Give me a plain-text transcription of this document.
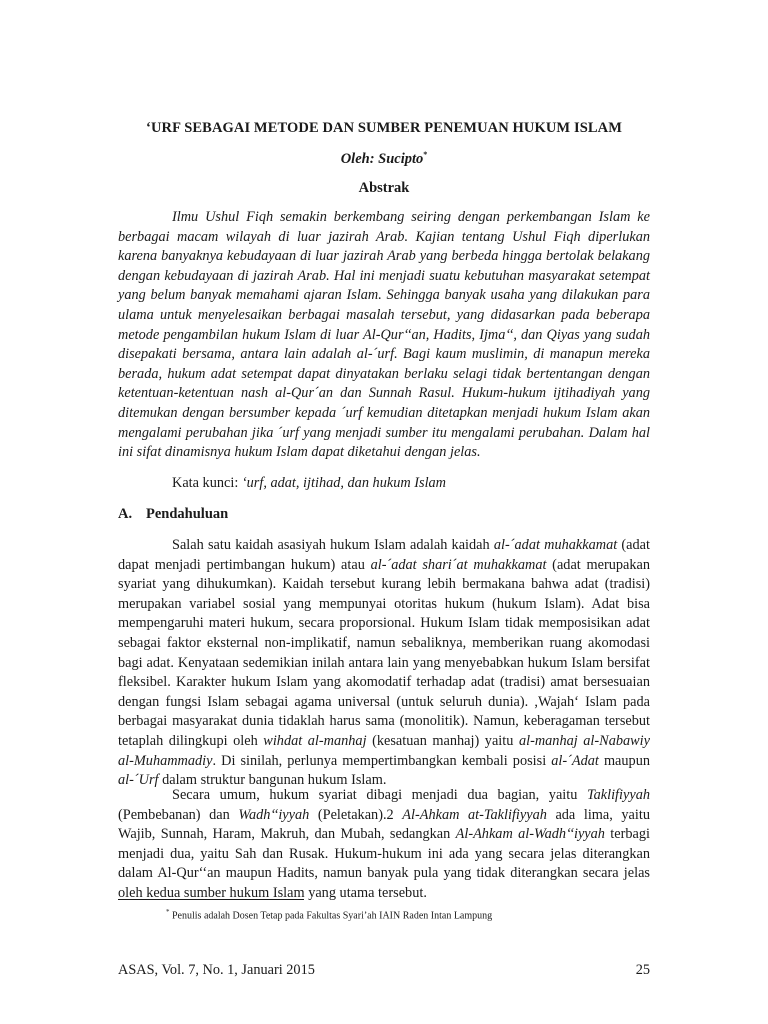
‘URF SEBAGAI METODE DAN SUMBER PENEMUAN HUKUM ISLAM
Oleh: Sucipto*
Abstrak

Ilmu Ushul Fiqh semakin berkembang seiring dengan perkembangan Islam ke berbagai macam wilayah di luar jazirah Arab. Kajian tentang Ushul Fiqh diperlukan karena banyaknya kebudayaan di luar jazirah Arab yang berbeda hingga bertolak belakang dengan kebudayaan di jazirah Arab. Hal ini menjadi suatu kebutuhan masyarakat setempat yang belum banyak memahami ajaran Islam. Sehingga banyak usaha yang dilakukan para ulama untuk menyelesaikan berbagai masalah tersebut, yang didasarkan pada beberapa metode pengambilan hukum Islam di luar Al-Qur‘‘an, Hadits, Ijma‘‘, dan Qiyas yang sudah disepakati bersama, antara lain adalah al-´urf. Bagi kaum muslimin, di manapun mereka berada, hukum adat setempat dapat dinyatakan berlaku selagi tidak bertentangan dengan ketentuan-ketentuan nash al-Qur´an dan Sunnah Rasul. Hukum-hukum ijtihadiyah yang ditemukan dengan bersumber kepada ´urf kemudian ditetapkan menjadi hukum Islam akan mengalami perubahan jika ´urf yang menjadi sumber itu mengalami perubahan. Dalam hal ini sifat dinamisnya hukum Islam dapat diketahui dengan jelas.

Kata kunci: ‘urf, adat, ijtihad, dan hukum Islam
A. Pendahuluan

Salah satu kaidah asasiyah hukum Islam adalah kaidah al-´adat muhakkamat (adat dapat menjadi pertimbangan hukum) atau al-´adat shari´at muhakkamat (adat merupakan syariat yang dihukumkan). Kaidah tersebut kurang lebih bermakana bahwa adat (tradisi) merupakan variabel sosial yang mempunyai otoritas hukum (hukum Islam). Adat bisa mempengaruhi materi hukum, secara proporsional. Hukum Islam tidak memposisikan adat sebagai faktor eksternal non-implikatif, namun sebaliknya, memberikan ruang akomodasi bagi adat. Kenyataan sedemikian inilah antara lain yang menyebabkan hukum Islam bersifat fleksibel. Karakter hukum Islam yang akomodatif terhadap adat (tradisi) amat bersesuaian dengan fungsi Islam sebagai agama universal (untuk seluruh dunia). ,Wajah‘ Islam pada berbagai masyarakat dunia tidaklah harus sama (monolitik). Namun, keberagaman tersebut tetaplah dilingkupi oleh wihdat al-manhaj (kesatuan manhaj) yaitu al-manhaj al-Nabawiy al-Muhammadiy. Di sinilah, perlunya mempertimbangkan kembali posisi al-´Adat maupun al-´Urf dalam struktur bangunan hukum Islam.

Secara umum, hukum syariat dibagi menjadi dua bagian, yaitu Taklifiyyah (Pembebanan) dan Wadh‘‘iyyah (Peletakan).2 Al-Ahkam at-Taklifiyyah ada lima, yaitu Wajib, Sunnah, Haram, Makruh, dan Mubah, sedangkan Al-Ahkam al-Wadh‘‘iyyah terbagi menjadi dua, yaitu Sah dan Rusak. Hukum-hukum ini ada yang secara jelas diterangkan dalam Al-Qur‘‘an maupun Hadits, namun banyak pula yang tidak diterangkan secara jelas oleh kedua sumber hukum Islam yang utama tersebut.

* Penulis adalah Dosen Tetap pada Fakultas Syari’ah IAIN Raden Intan Lampung
ASAS, Vol. 7, No. 1, Januari 2015	25
